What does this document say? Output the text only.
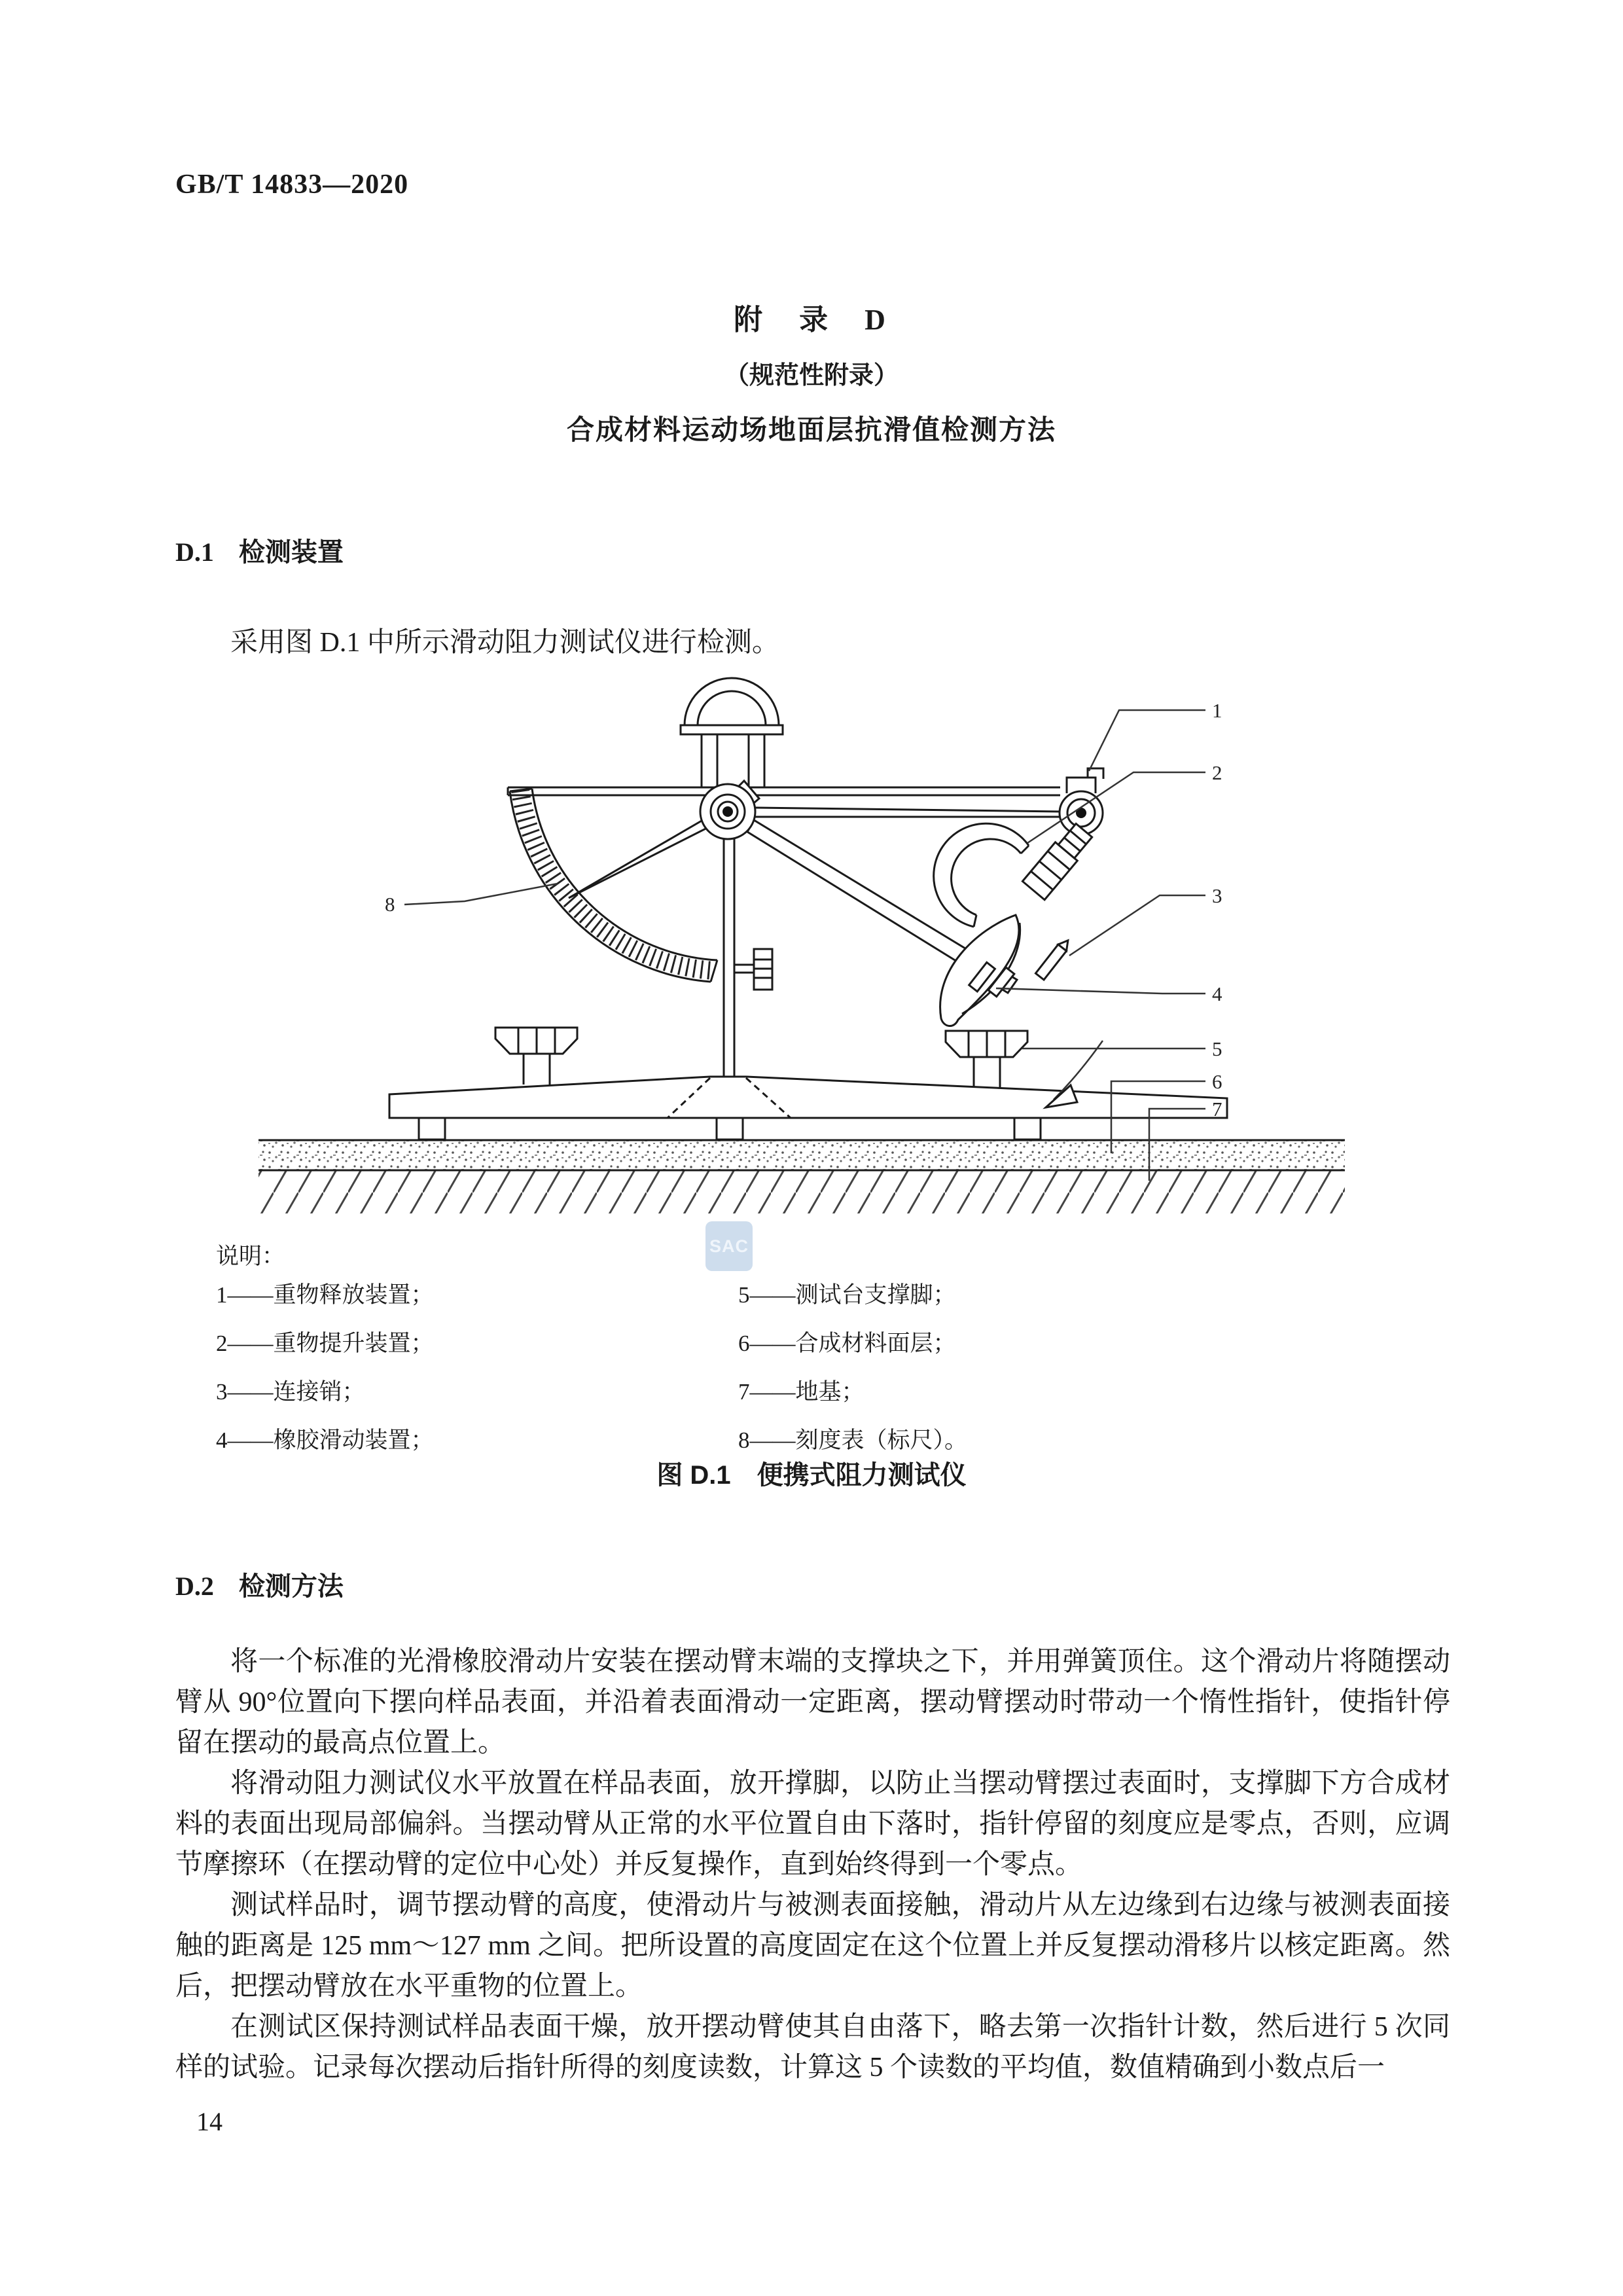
GB/T 14833—2020
附　录　D
（规范性附录）
合成材料运动场地面层抗滑值检测方法
D.1 检测装置
采用图 D.1 中所示滑动阻力测试仪进行检测。
1
2
3
4
5
6
7
8
SAC
说明：
1——重物释放装置；
2——重物提升装置；
3——连接销；
4——橡胶滑动装置；
5——测试台支撑脚；
6——合成材料面层；
7——地基；
8——刻度表（标尺）。
图 D.1　便携式阻力测试仪
D.2 检测方法

将一个标准的光滑橡胶滑动片安装在摆动臂末端的支撑块之下，并用弹簧顶住。这个滑动片将随摆动臂从 90°位置向下摆向样品表面，并沿着表面滑动一定距离，摆动臂摆动时带动一个惰性指针，使指针停留在摆动的最高点位置上。

将滑动阻力测试仪水平放置在样品表面，放开撑脚，以防止当摆动臂摆过表面时，支撑脚下方合成材料的表面出现局部偏斜。当摆动臂从正常的水平位置自由下落时，指针停留的刻度应是零点，否则，应调节摩擦环（在摆动臂的定位中心处）并反复操作，直到始终得到一个零点。

测试样品时，调节摆动臂的高度，使滑动片与被测表面接触，滑动片从左边缘到右边缘与被测表面接触的距离是 125 mm～127 mm 之间。把所设置的高度固定在这个位置上并反复摆动滑移片以核定距离。然后，把摆动臂放在水平重物的位置上。

在测试区保持测试样品表面干燥，放开摆动臂使其自由落下，略去第一次指针计数，然后进行 5 次同样的试验。记录每次摆动后指针所得的刻度读数，计算这 5 个读数的平均值，数值精确到小数点后一

14
